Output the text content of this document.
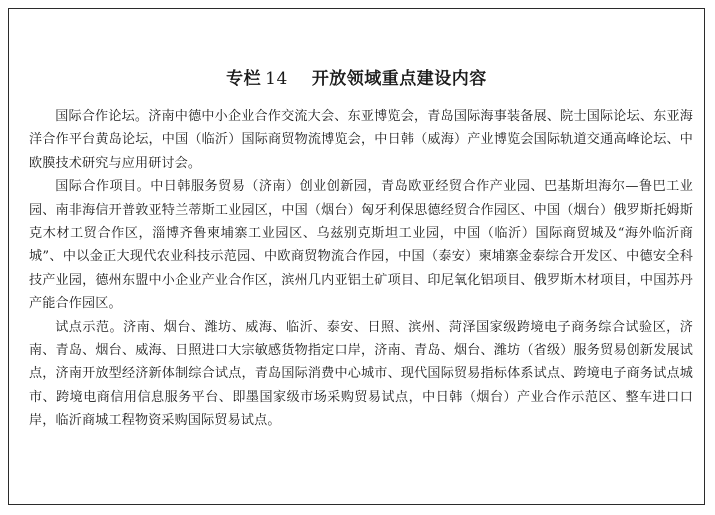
专栏 14 开放领域重点建设内容

国际合作论坛。济南中德中小企业合作交流大会、东亚博览会，青岛国际海事装备展、院士国际论坛、东亚海洋合作平台黄岛论坛，中国（临沂）国际商贸物流博览会，中日韩（威海）产业博览会国际轨道交通高峰论坛、中欧膜技术研究与应用研讨会。

国际合作项目。中日韩服务贸易（济南）创业创新园，青岛欧亚经贸合作产业园、巴基斯坦海尔—鲁巴工业园、南非海信开普敦亚特兰蒂斯工业园区，中国（烟台）匈牙利保思德经贸合作园区、中国（烟台）俄罗斯托姆斯克木材工贸合作区，淄博齐鲁柬埔寨工业园区、乌兹别克斯坦工业园，中国（临沂）国际商贸城及“海外临沂商城”、中以金正大现代农业科技示范园、中欧商贸物流合作园，中国（泰安）柬埔寨金泰综合开发区、中德安全科技产业园，德州东盟中小企业产业合作区，滨州几内亚铝土矿项目、印尼氧化铝项目、俄罗斯木材项目，中国苏丹产能合作园区。

试点示范。济南、烟台、潍坊、威海、临沂、泰安、日照、滨州、菏泽国家级跨境电子商务综合试验区，济南、青岛、烟台、威海、日照进口大宗敏感货物指定口岸，济南、青岛、烟台、潍坊（省级）服务贸易创新发展试点，济南开放型经济新体制综合试点，青岛国际消费中心城市、现代国际贸易指标体系试点、跨境电子商务试点城市、跨境电商信用信息服务平台、即墨国家级市场采购贸易试点，中日韩（烟台）产业合作示范区、整车进口口岸，临沂商城工程物资采购国际贸易试点。
